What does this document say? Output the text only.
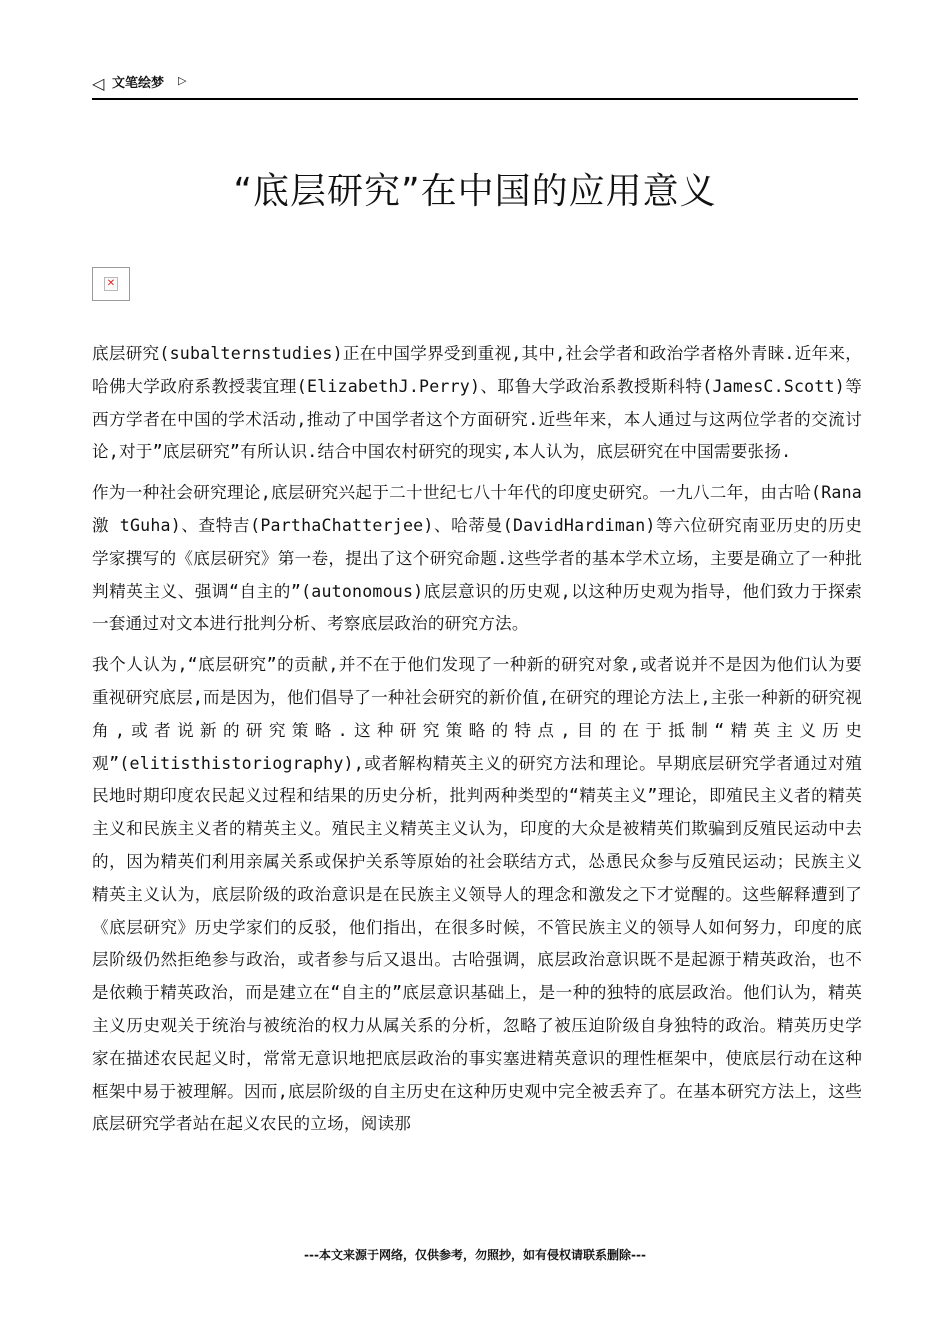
◁ 文笔绘梦 ▷
“底层研究”在中国的应用意义
✕

底层研究(subalternstudies)正在中国学界受到重视,其中,社会学者和政治学者格外青睐.近年来，哈佛大学政府系教授裴宜理(ElizabethJ.Perry)、耶鲁大学政治系教授斯科特(JamesC.Scott)等西方学者在中国的学术活动,推动了中国学者这个方面研究.近些年来，本人通过与这两位学者的交流讨论,对于”底层研究”有所认识.结合中国农村研究的现实,本人认为，底层研究在中国需要张扬.

作为一种社会研究理论,底层研究兴起于二十世纪七八十年代的印度史研究。一九八二年，由古哈(Rana 激 tGuha)、查特吉(ParthaChatterjee)、哈蒂曼(DavidHardiman)等六位研究南亚历史的历史学家撰写的《底层研究》第一卷，提出了这个研究命题.这些学者的基本学术立场，主要是确立了一种批判精英主义、强调“自主的”(autonomous)底层意识的历史观,以这种历史观为指导，他们致力于探索一套通过对文本进行批判分析、考察底层政治的研究方法。

我个人认为,“底层研究”的贡献,并不在于他们发现了一种新的研究对象,或者说并不是因为他们认为要重视研究底层,而是因为，他们倡导了一种社会研究的新价值,在研究的理论方法上,主张一种新的研究视角,或者说新的研究策略.这种研究策略的特点,目的在于抵制“精英主义历史观”(elitisthistoriography),或者解构精英主义的研究方法和理论。早期底层研究学者通过对殖民地时期印度农民起义过程和结果的历史分析，批判两种类型的“精英主义”理论，即殖民主义者的精英主义和民族主义者的精英主义。殖民主义精英主义认为，印度的大众是被精英们欺骗到反殖民运动中去的，因为精英们利用亲属关系或保护关系等原始的社会联结方式，怂恿民众参与反殖民运动；民族主义精英主义认为，底层阶级的政治意识是在民族主义领导人的理念和激发之下才觉醒的。这些解释遭到了《底层研究》历史学家们的反驳，他们指出，在很多时候，不管民族主义的领导人如何努力，印度的底层阶级仍然拒绝参与政治，或者参与后又退出。古哈强调，底层政治意识既不是起源于精英政治，也不是依赖于精英政治，而是建立在“自主的”底层意识基础上，是一种的独特的底层政治。他们认为，精英主义历史观关于统治与被统治的权力从属关系的分析，忽略了被压迫阶级自身独特的政治。精英历史学家在描述农民起义时，常常无意识地把底层政治的事实塞进精英意识的理性框架中，使底层行动在这种框架中易于被理解。因而,底层阶级的自主历史在这种历史观中完全被丢弃了。在基本研究方法上，这些底层研究学者站在起义农民的立场，阅读那

---本文来源于网络，仅供参考，勿照抄，如有侵权请联系删除---
